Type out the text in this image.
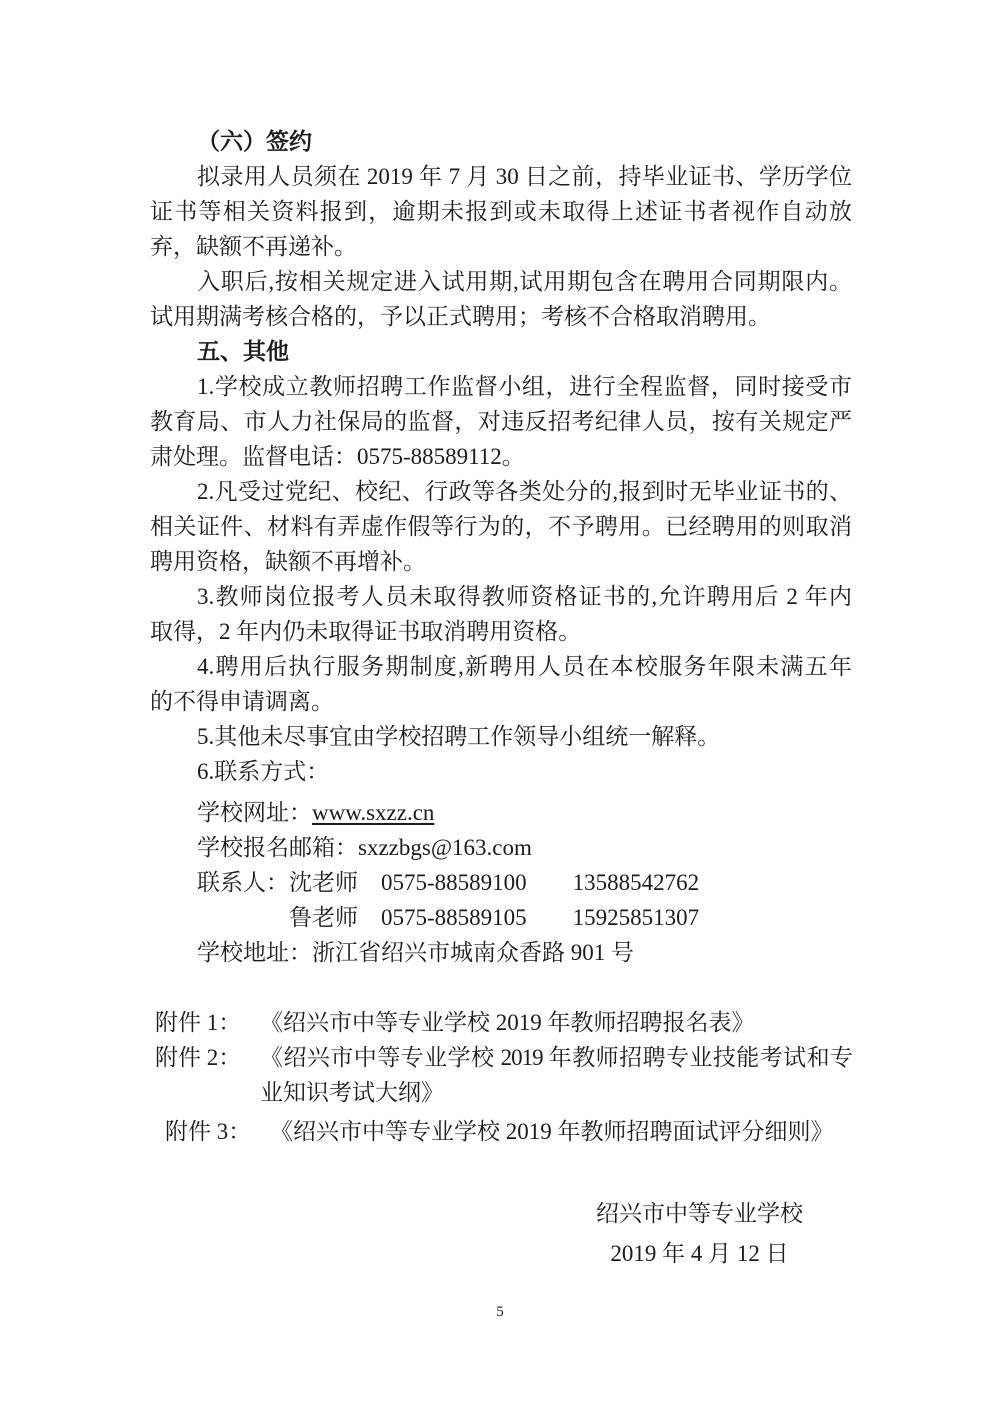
（六）签约
拟录用人员须在 2019 年 7 月 30 日之前，持毕业证书、学历学位
证书等相关资料报到，逾期未报到或未取得上述证书者视作自动放
弃，缺额不再递补。
入职后,按相关规定进入试用期,试用期包含在聘用合同期限内。
试用期满考核合格的，予以正式聘用；考核不合格取消聘用。
五、其他
1.学校成立教师招聘工作监督小组，进行全程监督，同时接受市
教育局、市人力社保局的监督，对违反招考纪律人员，按有关规定严
肃处理。监督电话：0575-88589112。
2.凡受过党纪、校纪、行政等各类处分的,报到时无毕业证书的、
相关证件、材料有弄虚作假等行为的，不予聘用。已经聘用的则取消
聘用资格，缺额不再增补。
3.教师岗位报考人员未取得教师资格证书的,允许聘用后 2 年内
取得，2 年内仍未取得证书取消聘用资格。
4.聘用后执行服务期制度,新聘用人员在本校服务年限未满五年
的不得申请调离。
5.其他未尽事宜由学校招聘工作领导小组统一解释。
6.联系方式：
学校网址：www.sxzz.cn
学校报名邮箱：sxzzbgs@163.com
联系人：沈老师　0575-88589100　　13588542762
鲁老师　0575-88589105　　15925851307
学校地址：浙江省绍兴市城南众香路 901 号
附件 1： 《绍兴市中等专业学校 2019 年教师招聘报名表》
附件 2： 《绍兴市中等专业学校 2019 年教师招聘专业技能考试和专
业知识考试大纲》
附件 3： 《绍兴市中等专业学校 2019 年教师招聘面试评分细则》
绍兴市中等专业学校
2019 年 4 月 12 日
5
